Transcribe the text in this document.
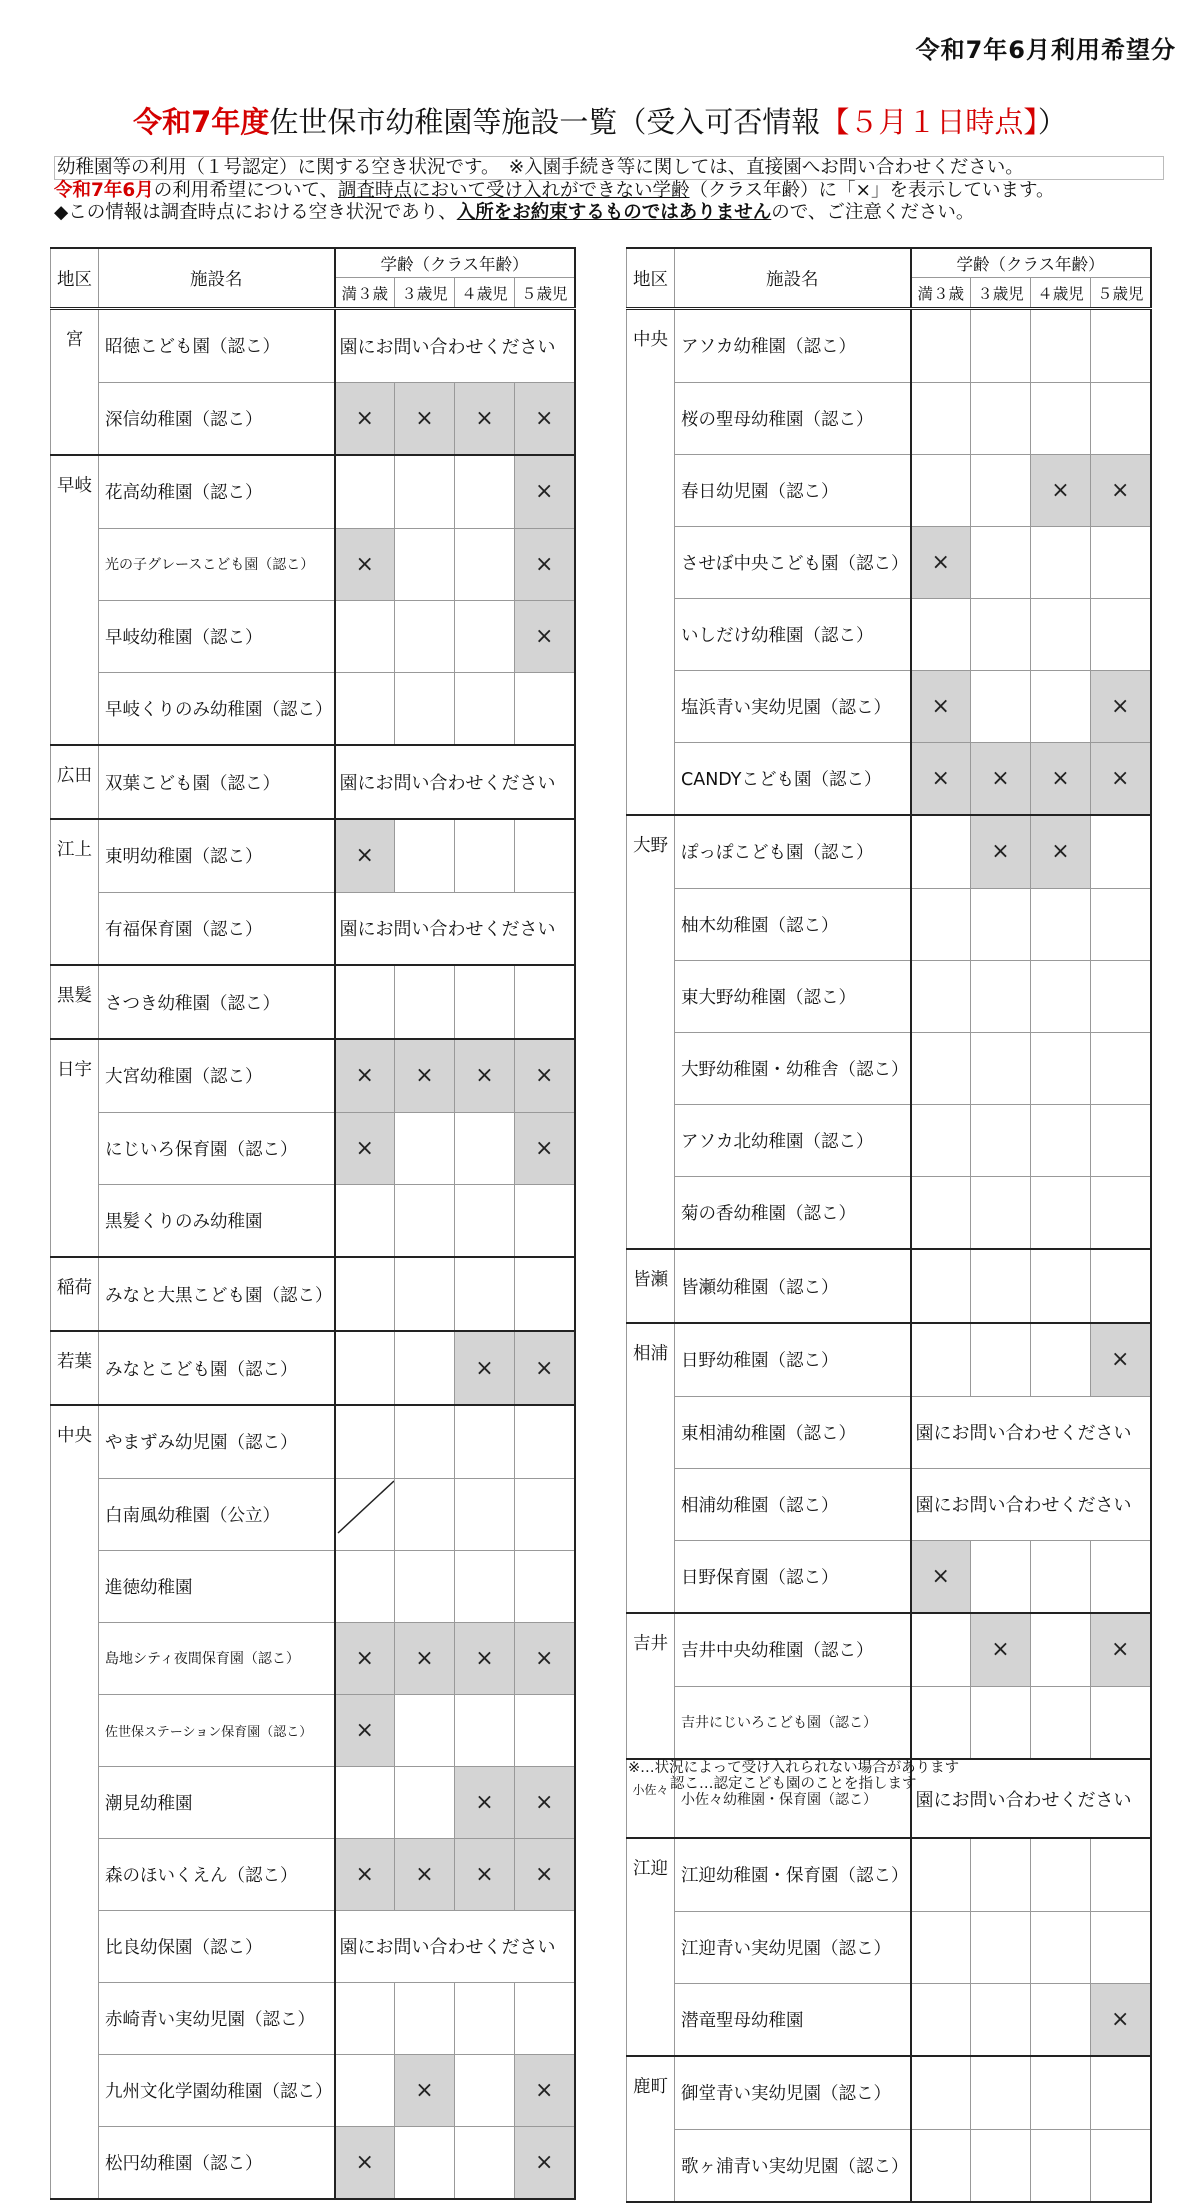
令和7年6月利用希望分
令和7年度佐世保市幼稚園等施設一覧（受入可否情報【５月１日時点】）
幼稚園等の利用（１号認定）に関する空き状況です。　※入園手続き等に関しては、直接園へお問い合わせください。
令和7年6月の利用希望について、調査時点において受け入れができない学齢（クラス年齢）に「×」を表示しています。
◆この情報は調査時点における空き状況であり、入所をお約束するものではありませんので、ご注意ください。
地区	施設名	学齢（クラス年齢）			
		満３歳	３歳児	４歳児	５歳児
宮	昭徳こども園（認こ）	園にお問い合わせください			
	深信幼稚園（認こ）	×	×	×	×
早岐	花高幼稚園（認こ）				×
	光の子グレースこども園（認こ）	×			×
	早岐幼稚園（認こ）				×
	早岐くりのみ幼稚園（認こ）				
広田	双葉こども園（認こ）	園にお問い合わせください			
江上	東明幼稚園（認こ）	×			
	有福保育園（認こ）	園にお問い合わせください			
黒髪	さつき幼稚園（認こ）				
日宇	大宮幼稚園（認こ）	×	×	×	×
	にじいろ保育園（認こ）	×			×
	黒髪くりのみ幼稚園				
稲荷	みなと大黒こども園（認こ）				
若葉	みなとこども園（認こ）			×	×
中央	やまずみ幼児園（認こ）				
	白南風幼稚園（公立）	

	進徳幼稚園				
	島地シティ夜間保育園（認こ）	×	×	×	×
	佐世保ステーション保育園（認こ）	×			
	潮見幼稚園			×	×
	森のほいくえん（認こ）	×	×	×	×
	比良幼保園（認こ）	園にお問い合わせください			
	赤崎青い実幼児園（認こ）				
	九州文化学園幼稚園（認こ）		×		×
	松円幼稚園（認こ）	×			×
地区	施設名	学齢（クラス年齢）			
		満３歳	３歳児	４歳児	５歳児
中央	アソカ幼稚園（認こ）				
	桜の聖母幼稚園（認こ）				
	春日幼児園（認こ）			×	×
	させぼ中央こども園（認こ）	×			
	いしだけ幼稚園（認こ）				
	塩浜青い実幼児園（認こ）	×			×
	CANDYこども園（認こ）	×	×	×	×
大野	ぽっぽこども園（認こ）		×	×	
	柚木幼稚園（認こ）				
	東大野幼稚園（認こ）				
	大野幼稚園・幼稚舎（認こ）				
	アソカ北幼稚園（認こ）				
	菊の香幼稚園（認こ）				
皆瀬	皆瀬幼稚園（認こ）				
相浦	日野幼稚園（認こ）				×
	東相浦幼稚園（認こ）	園にお問い合わせください			
	相浦幼稚園（認こ）	園にお問い合わせください			
	日野保育園（認こ）	×			
吉井	吉井中央幼稚園（認こ）		×		×
	吉井にじいろこども園（認こ）				
小佐々	小佐々幼稚園・保育園（認こ）	園にお問い合わせください			
江迎	江迎幼稚園・保育園（認こ）				
	江迎青い実幼児園（認こ）				
	潜竜聖母幼稚園				×
鹿町	御堂青い実幼児園（認こ）				
	歌ヶ浦青い実幼児園（認こ）				
※…状況によって受け入れられない場合があります
認こ…認定こども園のことを指します
